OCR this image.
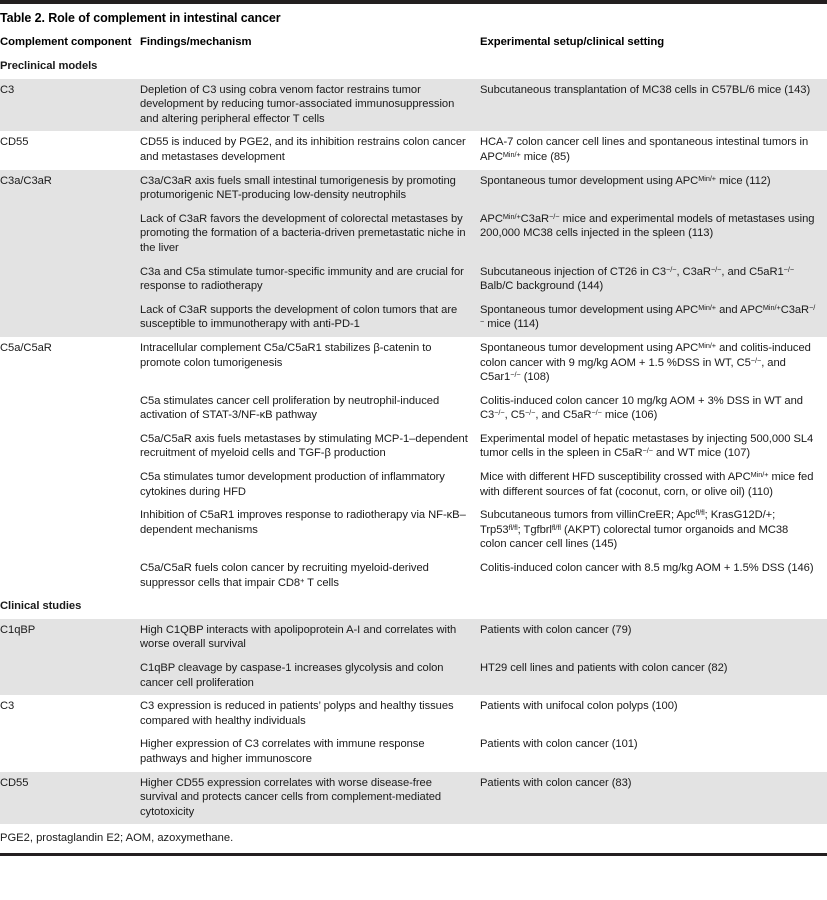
Table 2. Role of complement in intestinal cancer
Complement component	Findings/mechanism	Experimental setup/clinical setting
Preclinical models		
C3	Depletion of C3 using cobra venom factor restrains tumor development by reducing tumor-associated immunosuppression and altering peripheral effector T cells	Subcutaneous transplantation of MC38 cells in C57BL/6 mice (143)
CD55	CD55 is induced by PGE2, and its inhibition restrains colon cancer and metastases development	HCA-7 colon cancer cell lines and spontaneous intestinal tumors in $APC^{Min/+}$ mice (85)
C3a/C3aR	C3a/C3aR axis fuels small intestinal tumorigenesis by promoting protumorigenic NET-producing low-density neutrophils	Spontaneous tumor development using $APC^{Min/+}$ mice (112)
	Lack of C3aR favors the development of colorectal metastases by promoting the formation of a bacteria-driven premetastatic niche in the liver	$APC^{Min/+}C3aR^{-/-}$ mice and experimental models of metastases using 200,000 MC38 cells injected in the spleen (113)
	C3a and C5a stimulate tumor-specific immunity and are crucial for response to radiotherapy	Subcutaneous injection of CT26 in C3−/−, C3aR−/−, and C5aR1−/− Balb/C background (144)
	Lack of C3aR supports the development of colon tumors that are susceptible to immunotherapy with anti-PD-1	Spontaneous tumor development using $APC^{Min/+}$ and $APC^{Min/+}C3aR^{-/-}$ mice (114)
C5a/C5aR	Intracellular complement C5a/C5aR1 stabilizes β-catenin to promote colon tumorigenesis	Spontaneous tumor development using $APC^{Min/+}$ and colitis-induced colon cancer with 9 mg/kg AOM + 1.5 %DSS in WT, C5−/−, and C5ar1−/− (108)
	C5a stimulates cancer cell proliferation by neutrophil-induced activation of STAT-3/NF-κB pathway	Colitis-induced colon cancer 10 mg/kg AOM + 3% DSS in WT and C3−/−, C5−/−, and C5aR−/− mice (106)
	C5a/C5aR axis fuels metastases by stimulating MCP-1–dependent recruitment of myeloid cells and TGF-β production	Experimental model of hepatic metastases by injecting 500,000 SL4 tumor cells in the spleen in C5aR−/− and WT mice (107)
	C5a stimulates tumor development production of inflammatory cytokines during HFD	Mice with different HFD susceptibility crossed with $APC^{Min/+}$ mice fed with different sources of fat (coconut, corn, or olive oil) (110)
	Inhibition of C5aR1 improves response to radiotherapy via NF-κB–dependent mechanisms	Subcutaneous tumors from villinCreER; Apc$^{fl/fl}$; KrasG12D/+; $Trp53^{fl/fl}$; Tgfbrl$^{fl/fl}$ (AKPT) colorectal tumor organoids and MC38 colon cancer cell lines (145)
	C5a/C5aR fuels colon cancer by recruiting myeloid-derived suppressor cells that impair CD8+ T cells	Colitis-induced colon cancer with 8.5 mg/kg AOM + 1.5% DSS (146)
Clinical studies		
C1qBP	High C1QBP interacts with apolipoprotein A-I and correlates with worse overall survival	Patients with colon cancer (79)
	C1qBP cleavage by caspase-1 increases glycolysis and colon cancer cell proliferation	HT29 cell lines and patients with colon cancer (82)
C3	C3 expression is reduced in patients’ polyps and healthy tissues compared with healthy individuals	Patients with unifocal colon polyps (100)
	Higher expression of C3 correlates with immune response pathways and higher immunoscore	Patients with colon cancer (101)
CD55	Higher CD55 expression correlates with worse disease-free survival and protects cancer cells from complement-mediated cytotoxicity	Patients with colon cancer (83)
PGE2, prostaglandin E2; AOM, azoxymethane.
